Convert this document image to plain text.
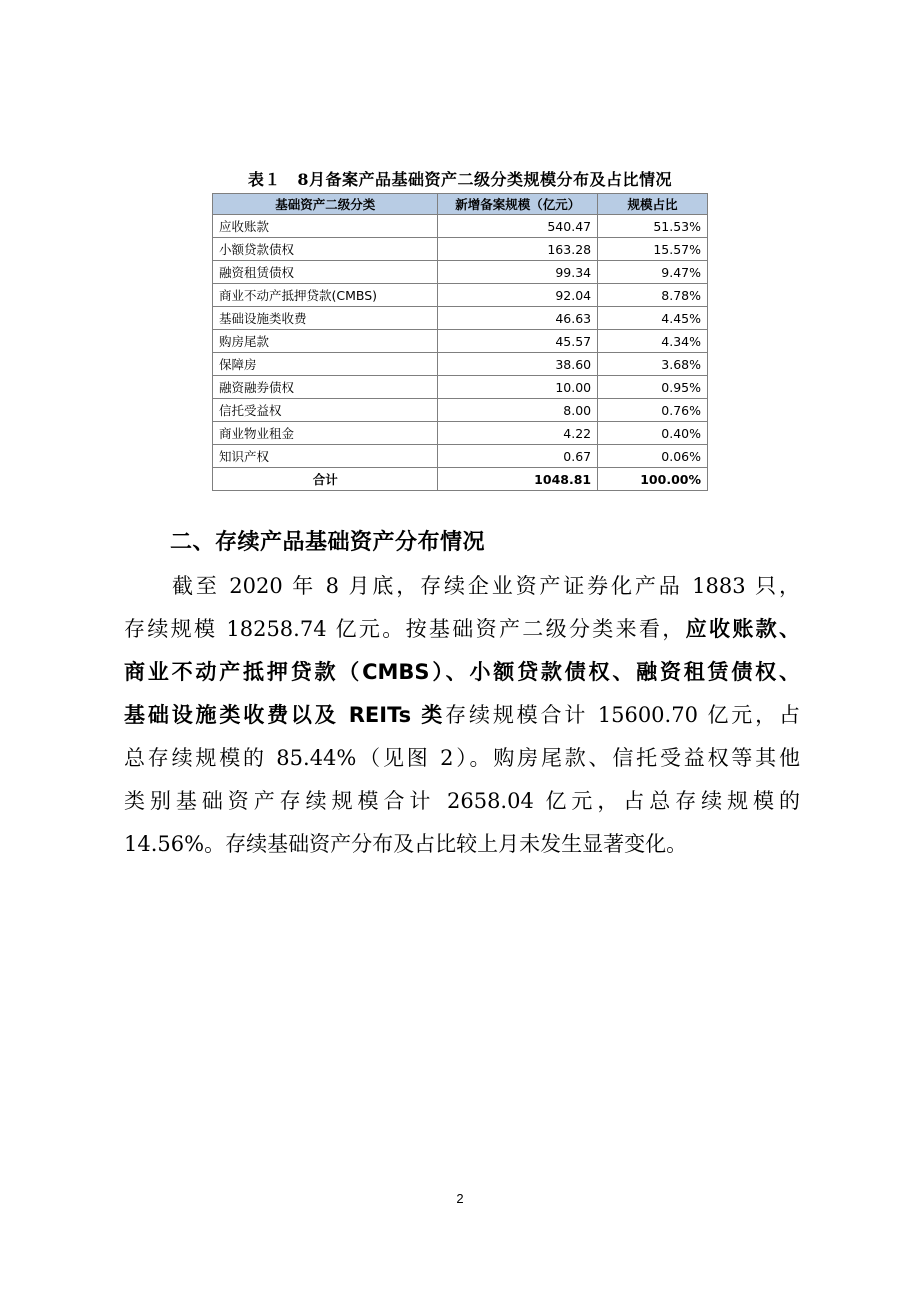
表１　8月备案产品基础资产二级分类规模分布及占比情况
基础资产二级分类	新增备案规模（亿元）	规模占比
应收账款	540.47	51.53%
小额贷款债权	163.28	15.57%
融资租赁债权	99.34	9.47%
商业不动产抵押贷款(CMBS)	92.04	8.78%
基础设施类收费	46.63	4.45%
购房尾款	45.57	4.34%
保障房	38.60	3.68%
融资融券债权	10.00	0.95%
信托受益权	8.00	0.76%
商业物业租金	4.22	0.40%
知识产权	0.67	0.06%
合计	1048.81	100.00%
二、存续产品基础资产分布情况
截至 2020 年 8 月底，存续企业资产证券化产品 1883 只，
存续规模 18258.74 亿元。按基础资产二级分类来看，应收账款、
商业不动产抵押贷款（CMBS）、小额贷款债权、融资租赁债权、
基础设施类收费以及 REITs 类存续规模合计 15600.70 亿元，占
总存续规模的 85.44%（见图 2）。购房尾款、信托受益权等其他
类别基础资产存续规模合计 2658.04 亿元，占总存续规模的
14.56%。存续基础资产分布及占比较上月未发生显著变化。
2
